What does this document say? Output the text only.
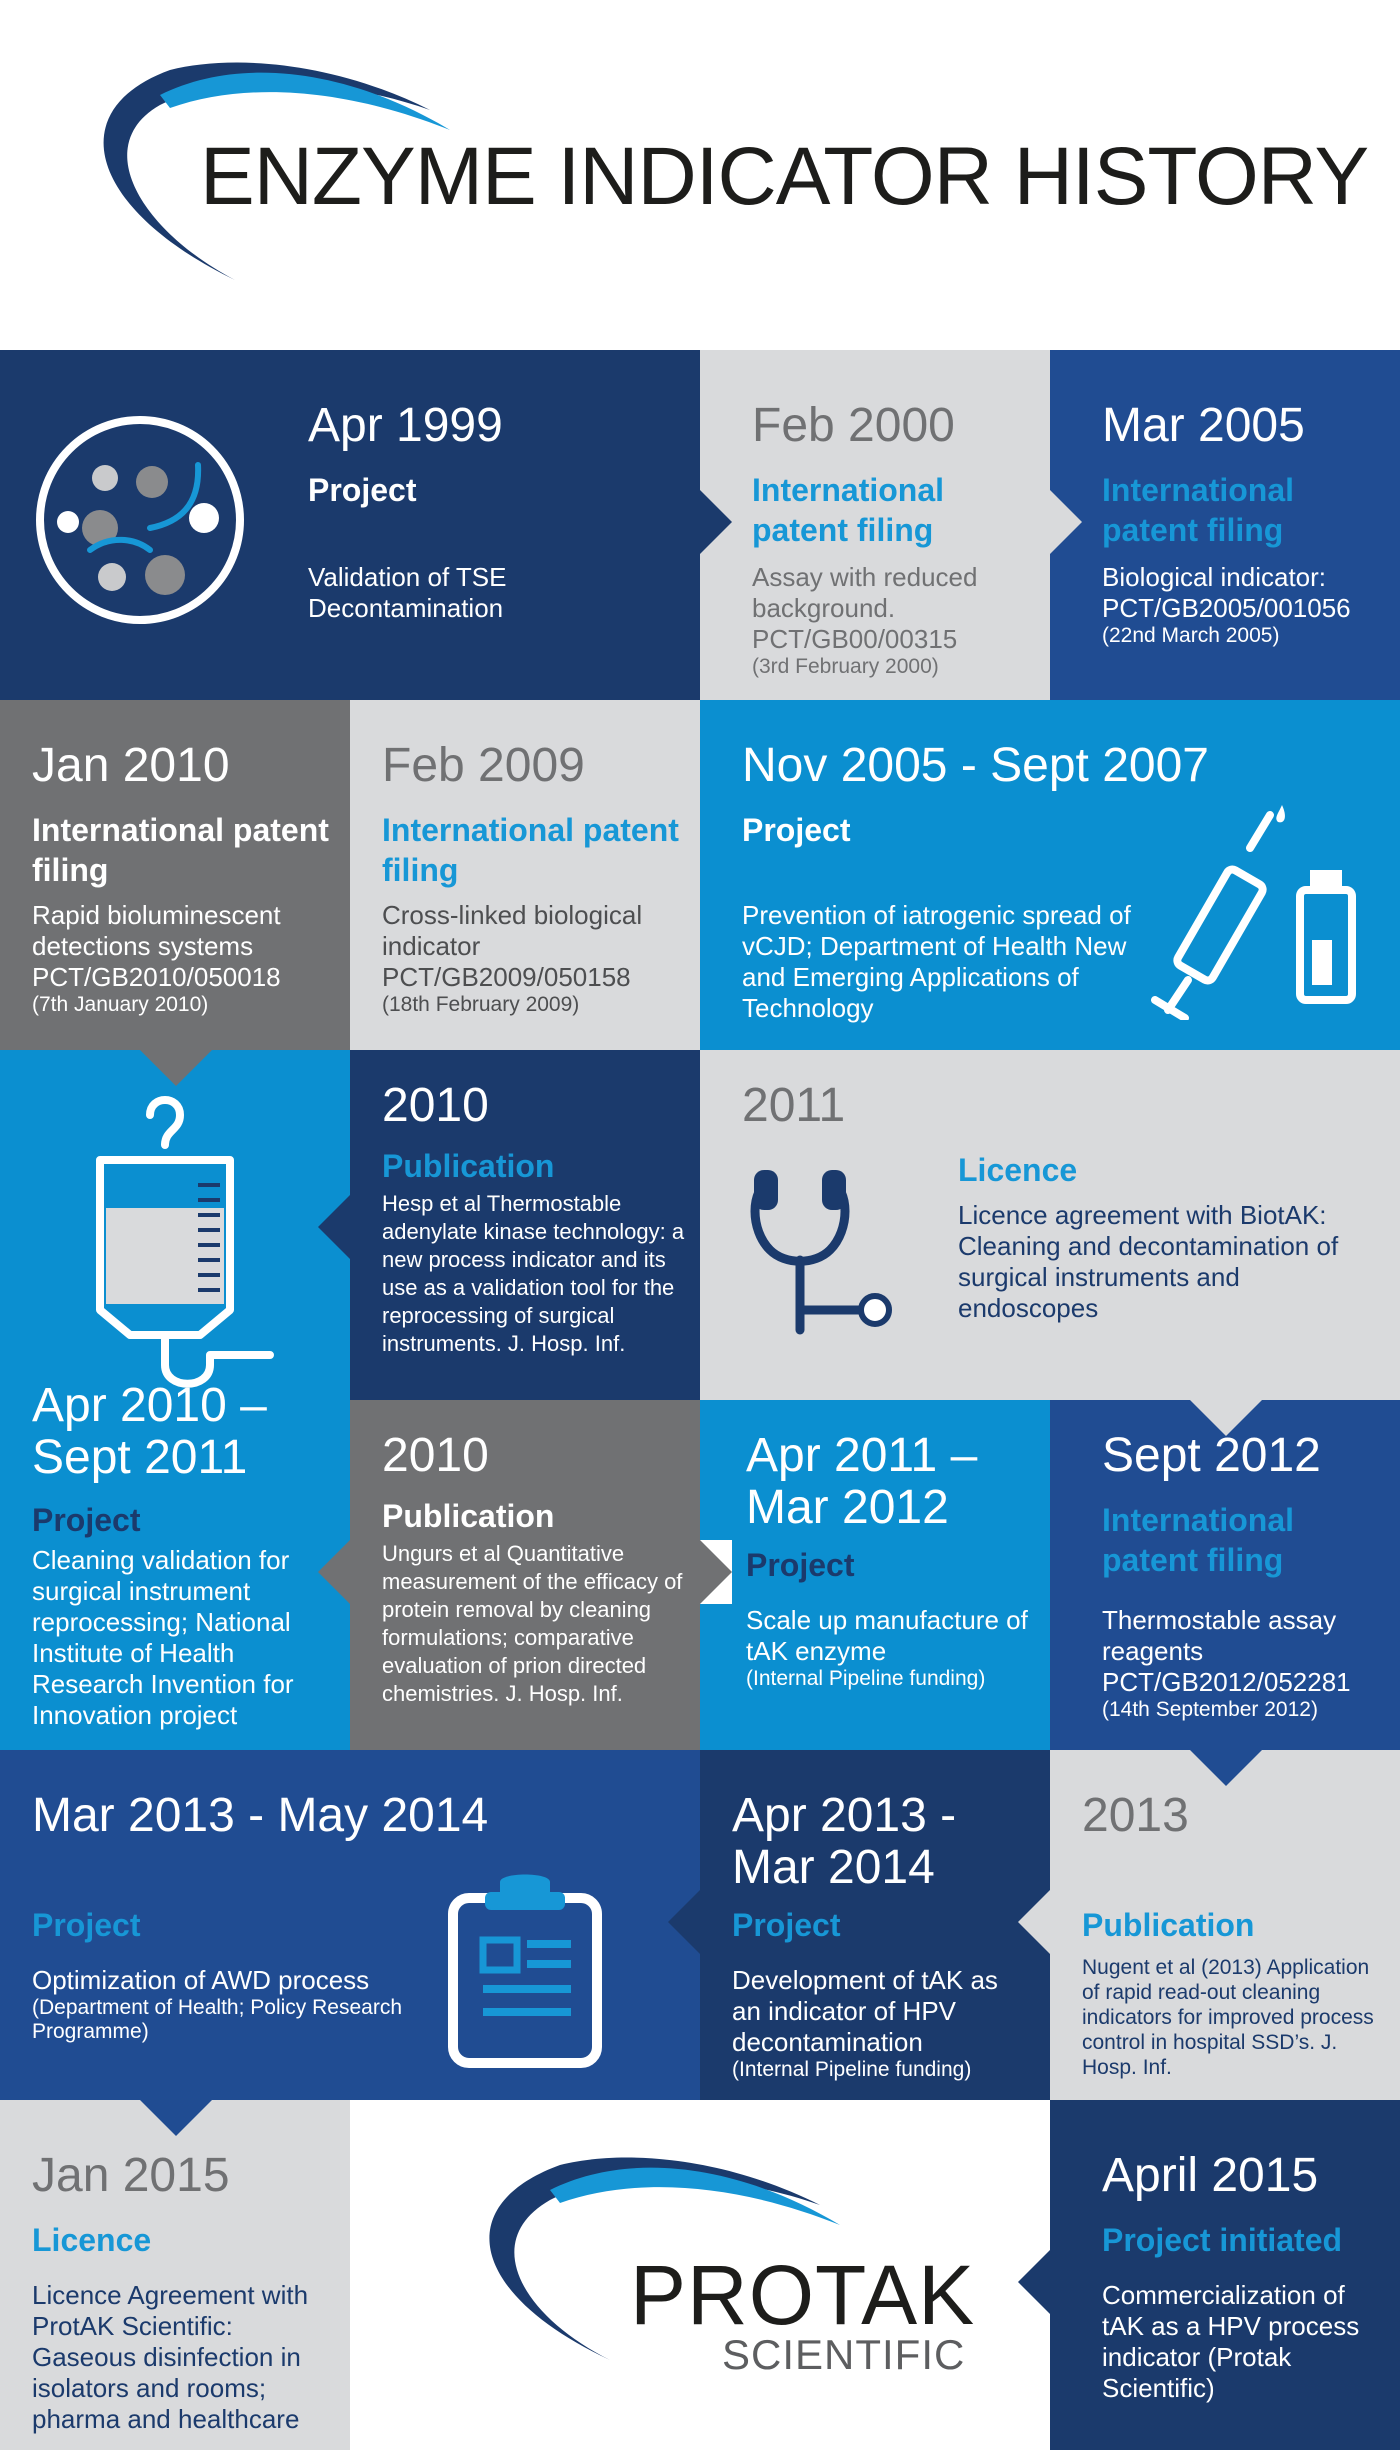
ENZYME INDICATOR HISTORY
Apr 1999
Project
Validation of TSE Decontamination
Feb 2000
International patent filing
Assay with reduced background. PCT/GB00/00315
(3rd February 2000)
Mar 2005
International patent filing
Biological indicator: PCT/GB2005/001056
(22nd March 2005)
Jan 2010
International patent filing
Rapid bioluminescent detections systems PCT/GB2010/050018
(7th January 2010)
Feb 2009
International patent filing
Cross-linked biological indicator PCT/GB2009/050158
(18th February 2009)
Nov 2005 - Sept 2007
Project
Prevention of iatrogenic spread of vCJD; Department of Health New and Emerging Applications of Technology
Apr 2010 – Sept 2011
Project
Cleaning validation for surgical instrument reprocessing; National Institute of Health Research Invention for Innovation project
2010
Publication
Hesp et al Thermostable adenylate kinase technology: a new process indicator and its use as a validation tool for the reprocessing of surgical instruments. J. Hosp. Inf.
2011
Licence
Licence agreement with BiotAK: Cleaning and decontamination of surgical instruments and endoscopes
2010
Publication
Ungurs et al Quantitative measurement of the efficacy of protein removal by cleaning formulations; comparative evaluation of prion directed chemistries. J. Hosp. Inf.
Apr 2011 – Mar 2012
Project
Scale up manufacture of tAK enzyme
(Internal Pipeline funding)
Sept 2012
International patent filing
Thermostable assay reagents PCT/GB2012/052281
(14th September 2012)
Mar 2013 - May 2014
Project
Optimization of AWD process
(Department of Health; Policy Research Programme)
Apr 2013 - Mar 2014
Project
Development of tAK as an indicator of HPV decontamination
(Internal Pipeline funding)
2013
Publication
Nugent et al (2013) Application of rapid read-out cleaning indicators for improved process control in hospital SSD’s. J. Hosp. Inf.
Jan 2015
Licence
Licence Agreement with ProtAK Scientific: Gaseous disinfection in isolators and rooms; pharma and healthcare
PROTAK
SCIENTIFIC
April 2015
Project initiated
Commercialization of tAK as a HPV process indicator (Protak Scientific)
